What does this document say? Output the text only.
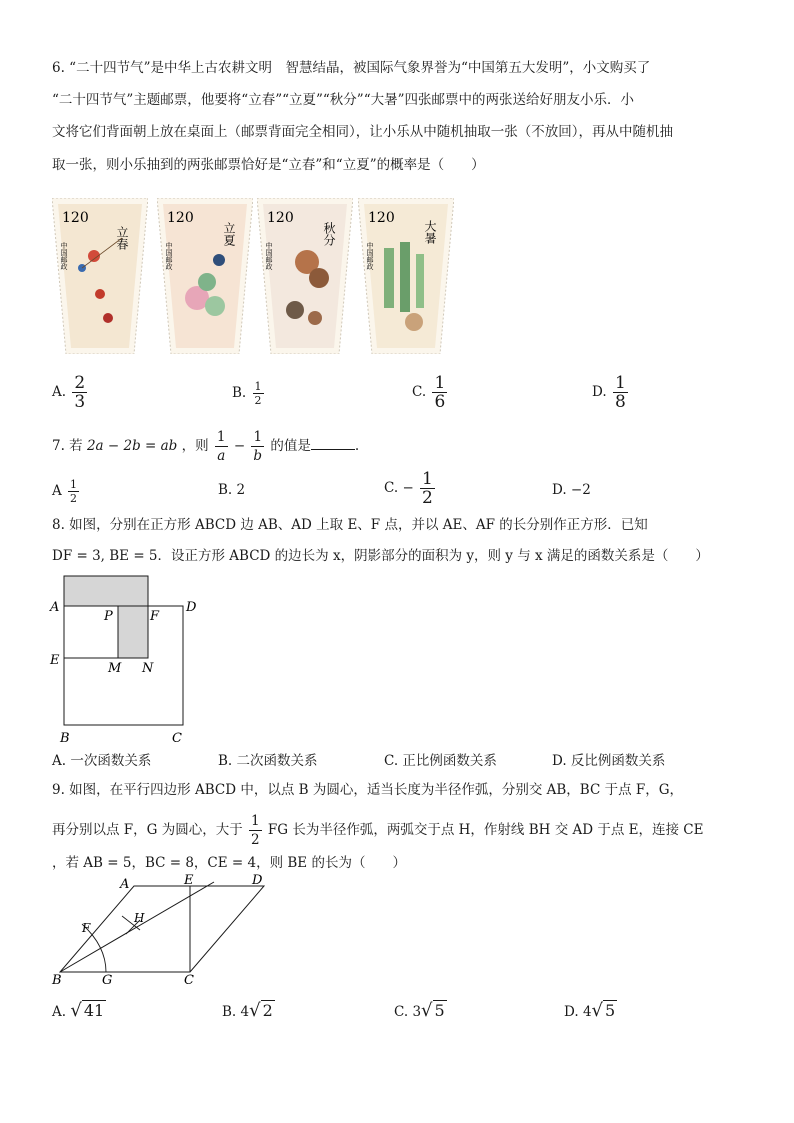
6. “二十四节气”是中华上古农耕文明　智慧结晶，被国际气象界誉为“中国第五大发明”，小文购买了
“二十四节气”主题邮票，他要将“立春”“立夏”“秋分”“大暑”四张邮票中的两张送给好朋友小乐．小
文将它们背面朝上放在桌面上（邮票背面完全相同），让小乐从中随机抽取一张（不放回），再从中随机抽
取一张，则小乐抽到的两张邮票恰好是“立春”和“立夏”的概率是（　　）
120
立春
中国邮政
120
立夏
中国邮政
120
秋分
中国邮政
120
大暑
中国邮政
A. $\frac{2}{3}$	B. $\frac{1}{2}$	C. $\frac{1}{6}$	D. $\frac{1}{8}$
7. 若 2a − 2b = ab ，则 $\frac{1}{a} - \frac{1}{b}$ 的值是	.
A $\frac{1}{2}$	B. 2	C. − $\frac{1}{2}$	D. −2
8. 如图，分别在正方形 ABCD 边 AB、AD 上取 E、F 点，并以 AE、AF 的长分别作正方形．已知
DF = 3, BE = 5．设正方形 ABCD 的边长为 x，阴影部分的面积为 y，则 y 与 x 满足的函数关系是（　　）
A	D
P	F
E
M N
B	C
A. 一次函数关系	B. 二次函数关系	C. 正比例函数关系	D. 反比例函数关系
9. 如图，在平行四边形 ABCD 中，以点 B 为圆心，适当长度为半径作弧，分别交 AB，BC 于点 F，G，
再分别以点 F，G 为圆心，大于 $\frac{1}{2}$ FG 长为半径作弧，两弧交于点 H，作射线 BH 交 AD 于点 E，连接 CE
，若 AB = 5，BC = 8，CE = 4，则 BE 的长为（　　）
A	E	D
H
F
B	G	C
A. √ 41	B. 4√ 2	C. 3√ 5	D. 4√ 5
